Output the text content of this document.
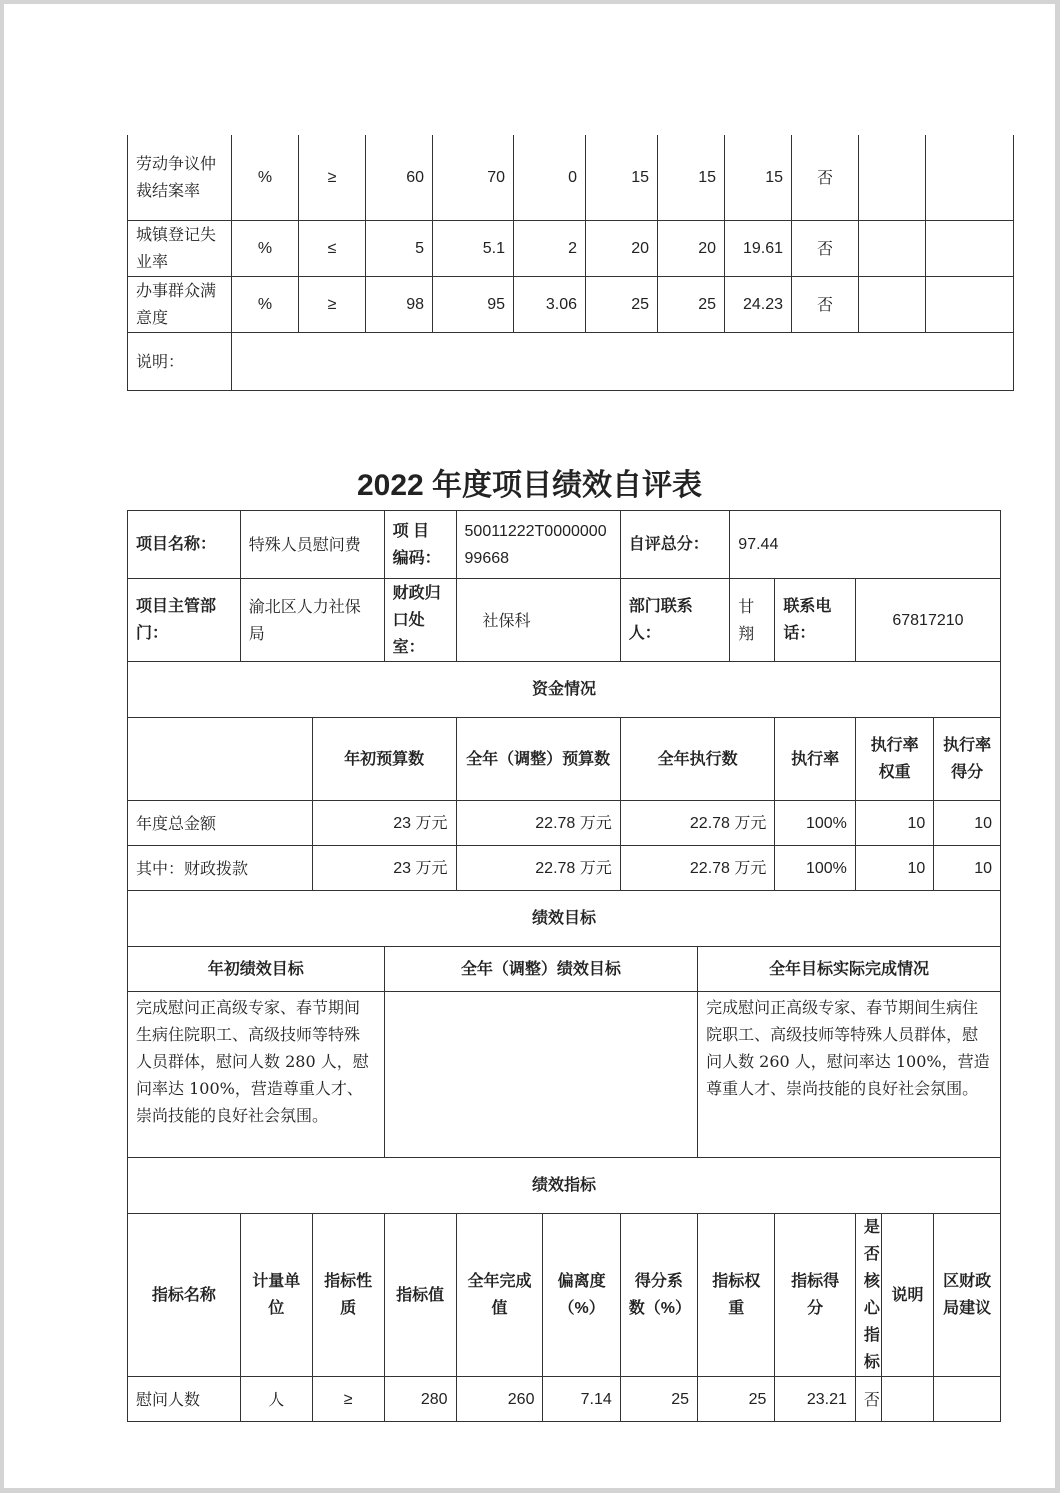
劳动争议仲裁结案率	%	≥	60	70	0	15	15	15	否		
城镇登记失业率	%	≤	5	5.1	2	20	20	19.61	否		
办事群众满意度	%	≥	98	95	3.06	25	25	24.23	否		
说明：											
2022 年度项目绩效自评表
项目名称：	特殊人员慰问费		项 目 编码：	50011222T000000099668		自评总分：		97.44				
项目主管部门：	渝北区人力社保局		财政归口处室：	社保科		部门联系人：		甘翔	联系电话：	67817210		
资金情况												
		年初预算数		全年（调整）预算数		全年执行数			执行率	执行率权重		执行率得分
年度总金额		23 万元		22.78 万元		22.78 万元			100%	10		10
其中：财政拨款		23 万元		22.78 万元		22.78 万元			100%	10		10
绩效目标												
年初绩效目标			全年（调整）绩效目标				全年目标实际完成情况					
完成慰问正高级专家、春节期间生病住院职工、高级技师等特殊人员群体，慰问人数 280 人，慰问率达 100%，营造尊重人才、崇尚技能的良好社会氛围。							完成慰问正高级专家、春节期间生病住院职工、高级技师等特殊人员群体，慰问人数 260 人，慰问率达 100%，营造尊重人才、崇尚技能的良好社会氛围。					
绩效指标												
指标名称	计量单位	指标性质	指标值	全年完成值	偏离度（%）	得分系数（%）	指标权重		指标得分	是否核心指标	说明	区财政局建议
慰问人数	人	≥	280	260	7.14	25	25		23.21	否		
